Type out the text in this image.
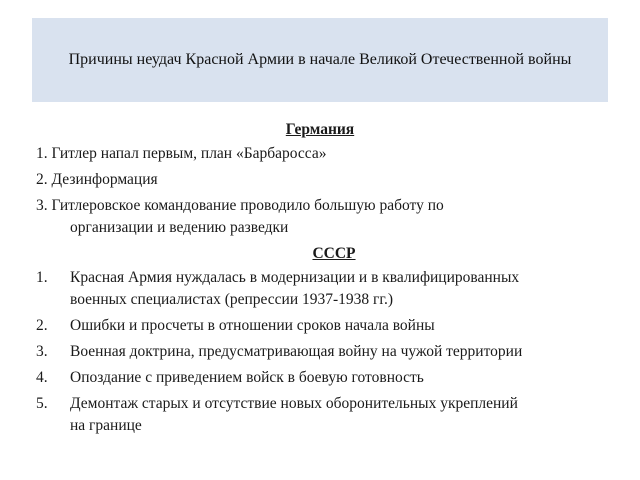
Причины неудач Красной Армии в начале Великой Отечественной войны
Германия
1. Гитлер напал первым, план «Барбаросса»
2. Дезинформация
3. Гитлеровское командование проводило большую работу по
организации и ведению разведки
СССР
1.	Красная Армия нуждалась в модернизации и в квалифицированных
военных специалистах (репрессии 1937-1938 гг.)
2.	Ошибки и просчеты в отношении сроков начала войны
3.	Военная доктрина, предусматривающая войну на чужой территории
4.	Опоздание с приведением войск в боевую готовность
5.	Демонтаж старых и отсутствие новых оборонительных укреплений
на границе
